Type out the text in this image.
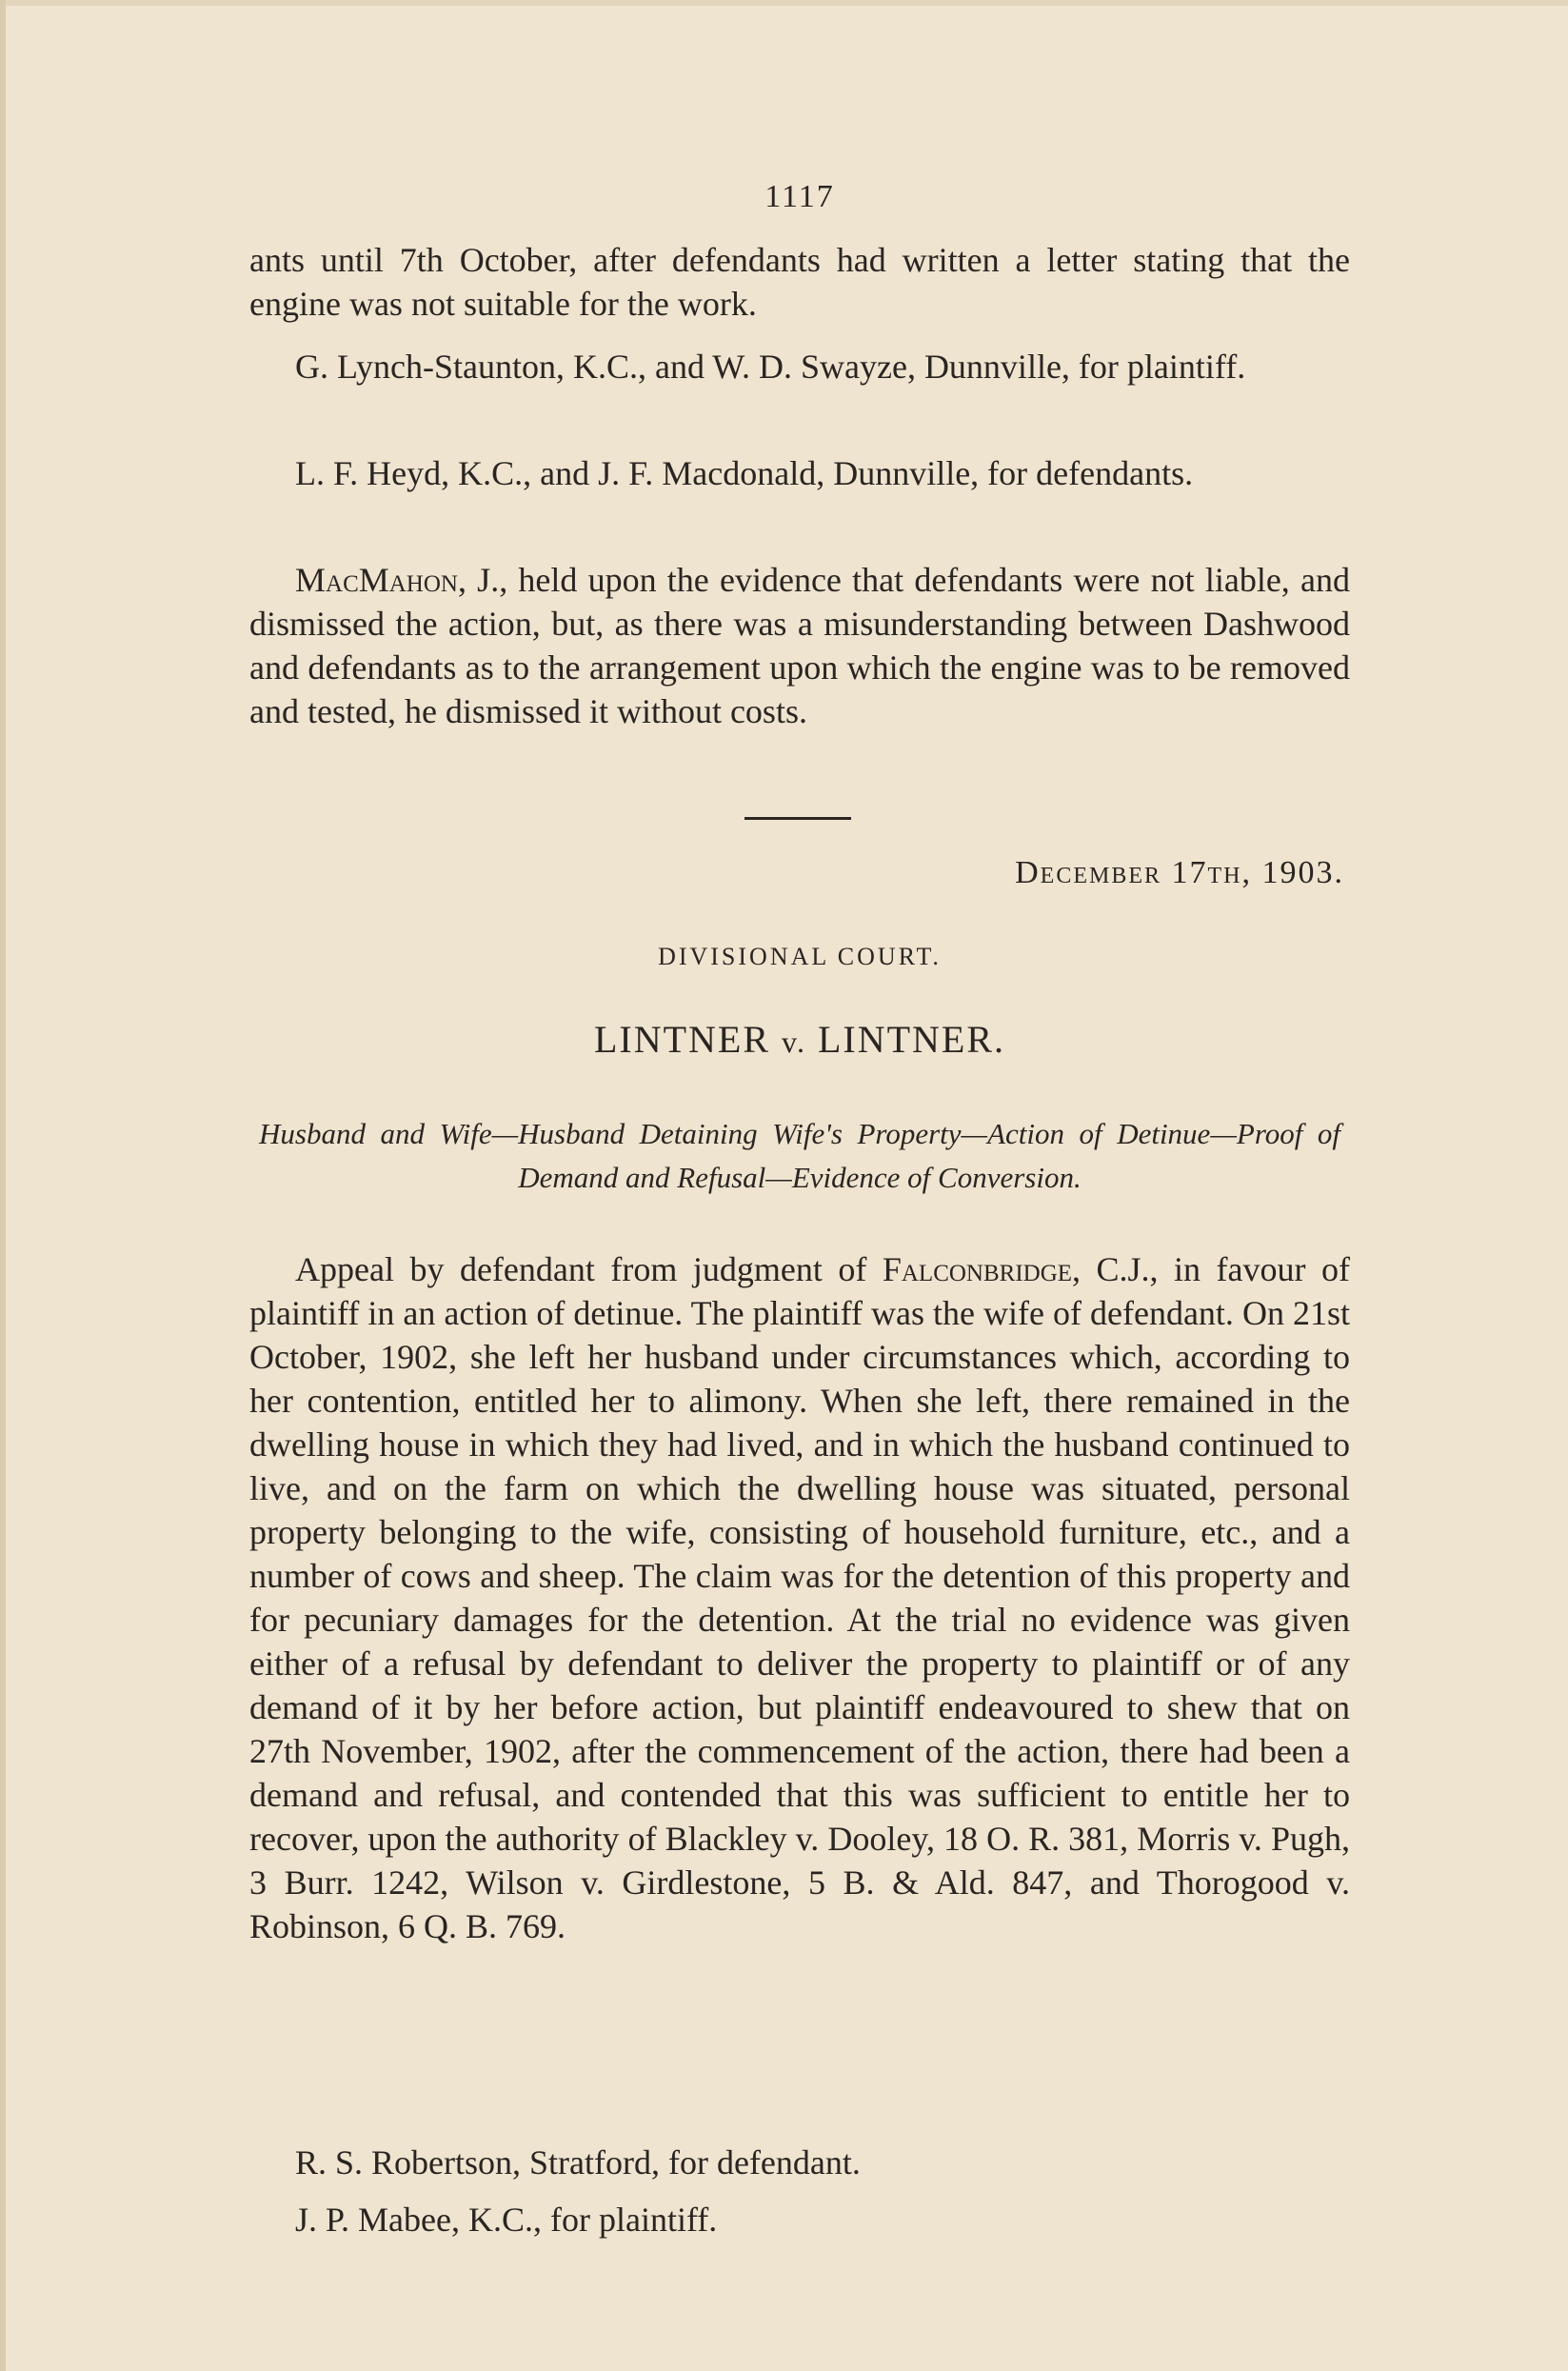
1117

ants until 7th October, after defendants had written a letter stating that the engine was not suitable for the work.

G. Lynch-Staunton, K.C., and W. D. Swayze, Dunnville, for plaintiff.

L. F. Heyd, K.C., and J. F. Macdonald, Dunnville, for defendants.

MacMahon, J., held upon the evidence that defendants were not liable, and dismissed the action, but, as there was a misunderstanding between Dashwood and defendants as to the arrangement upon which the engine was to be removed and tested, he dismissed it without costs.

December 17th, 1903.
DIVISIONAL COURT.
LINTNER v. LINTNER.

Husband and Wife—Husband Detaining Wife's Property—Action of Detinue—Proof of Demand and Refusal—Evidence of Conversion.

Appeal by defendant from judgment of Falconbridge, C.J., in favour of plaintiff in an action of detinue. The plaintiff was the wife of defendant. On 21st October, 1902, she left her husband under circumstances which, according to her contention, entitled her to alimony. When she left, there remained in the dwelling house in which they had lived, and in which the husband continued to live, and on the farm on which the dwelling house was situated, personal property belonging to the wife, consisting of household furniture, etc., and a number of cows and sheep. The claim was for the detention of this property and for pecuniary damages for the detention. At the trial no evidence was given either of a refusal by defendant to deliver the property to plaintiff or of any demand of it by her before action, but plaintiff endeavoured to shew that on 27th November, 1902, after the commencement of the action, there had been a demand and refusal, and contended that this was sufficient to entitle her to recover, upon the authority of Blackley v. Dooley, 18 O. R. 381, Morris v. Pugh, 3 Burr. 1242, Wilson v. Girdlestone, 5 B. & Ald. 847, and Thorogood v. Robinson, 6 Q. B. 769.

R. S. Robertson, Stratford, for defendant.
J. P. Mabee, K.C., for plaintiff.
